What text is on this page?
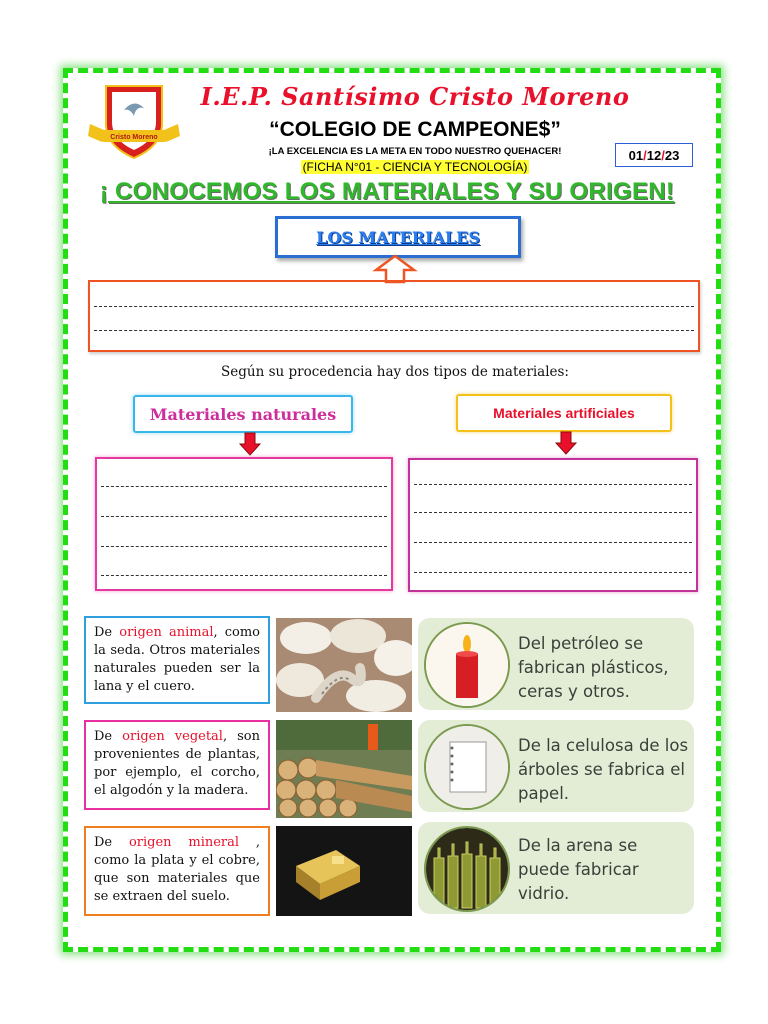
Cristo Moreno
I.E.P. Santísimo Cristo Moreno
“COLEGIO DE CAMPEONE$”
¡LA EXCELENCIA ES LA META EN TODO NUESTRO QUEHACER!
(FICHA N°01 - CIENCIA Y TECNOLOGÍA)
01 / 12 / 23
¡ CONOCEMOS LOS MATERIALES Y SU ORIGEN!
LOS MATERIALES
Según su procedencia hay dos tipos de materiales:
Materiales naturales	Materiales artificiales
De origen animal, como la seda. Otros materiales naturales pueden ser la lana y el cuero.
De origen vegetal, son provenientes de plantas, por ejemplo, el corcho, el algodón y la madera.
De origen mineral , como la plata y el cobre, que son materiales que se extraen del suelo.
Del petróleo se fabrican plásticos, ceras y otros.
De la celulosa de los árboles se fabrica el papel.
De la arena se puede fabricar vidrio.
